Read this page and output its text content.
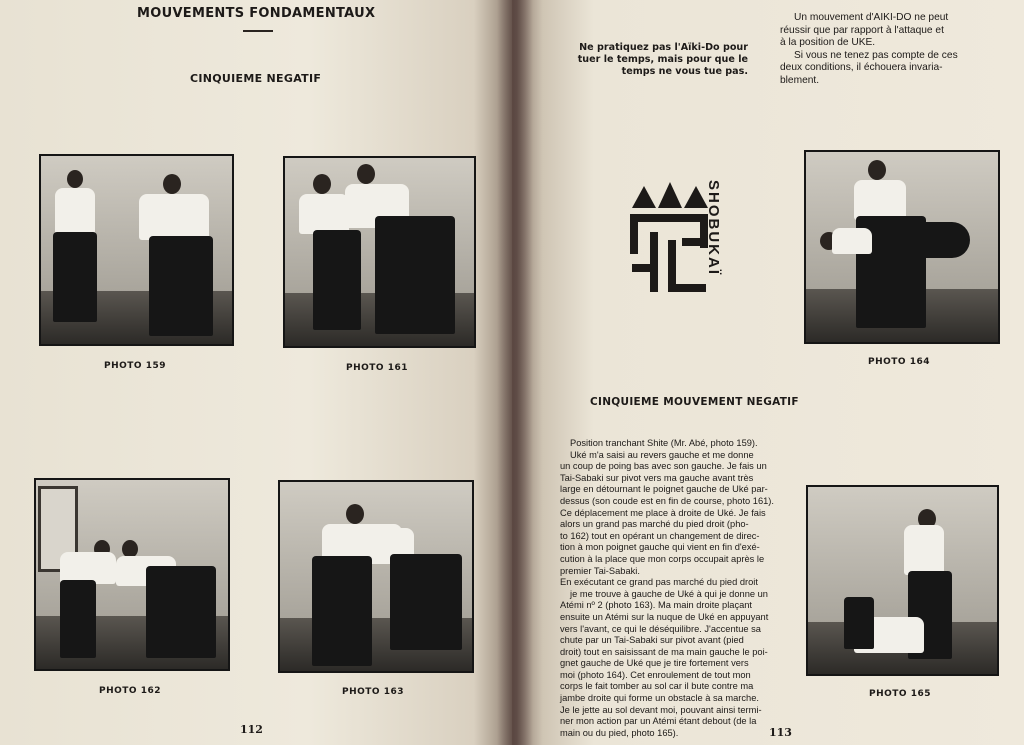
MOUVEMENTS FONDAMENTAUX
CINQUIEME NEGATIF
PHOTO 159	PHOTO 161
PHOTO 162	PHOTO 163
112
Ne pratiquez pas l'Aïki-Do pour
tuer le temps, mais pour que le
temps ne vous tue pas.
Un mouvement d'AIKI-DO ne peut
réussir que par rapport à l'attaque et
à la position de UKE.
Si vous ne tenez pas compte de ces
deux conditions, il échouera invaria-
blement.
SHOBUKAÏ
PHOTO 164
CINQUIEME MOUVEMENT NEGATIF
Position tranchant Shite (Mr. Abé, photo 159).
Uké m'a saisi au revers gauche et me donne
un coup de poing bas avec son gauche. Je fais un
Tai-Sabaki sur pivot vers ma gauche avant très
large en détournant le poignet gauche de Uké par-
dessus (son coude est en fin de course, photo 161).
Ce déplacement me place à droite de Uké. Je fais
alors un grand pas marché du pied droit (pho-
to 162) tout en opérant un changement de direc-
tion à mon poignet gauche qui vient en fin d'exé-
cution à la place que mon corps occupait après le
premier Tai-Sabaki.
En exécutant ce grand pas marché du pied droit
je me trouve à gauche de Uké à qui je donne un
Atémi nº 2 (photo 163). Ma main droite plaçant
ensuite un Atémi sur la nuque de Uké en appuyant
vers l'avant, ce qui le déséquilibre. J'accentue sa
chute par un Tai-Sabaki sur pivot avant (pied
droit) tout en saisissant de ma main gauche le poi-
gnet gauche de Uké que je tire fortement vers
moi (photo 164). Cet enroulement de tout mon
corps le fait tomber au sol car il bute contre ma
jambe droite qui forme un obstacle à sa marche.
Je le jette au sol devant moi, pouvant ainsi termi-
ner mon action par un Atémi étant debout (de la
main ou du pied, photo 165).
PHOTO 165
113
